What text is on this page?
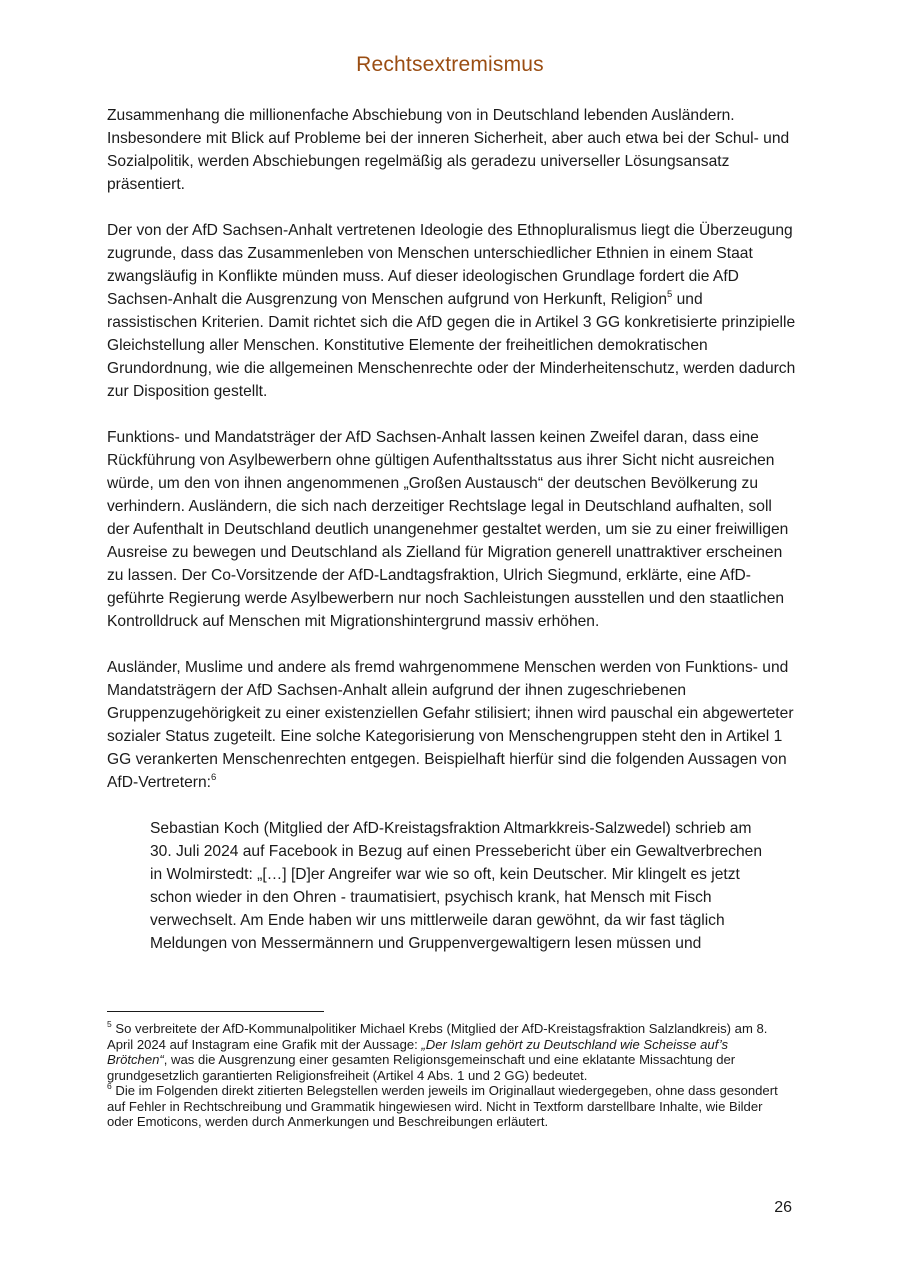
Rechtsextremismus

Zusammenhang die millionenfache Abschiebung von in Deutschland lebenden Ausländern. Insbesondere mit Blick auf Probleme bei der inneren Sicherheit, aber auch etwa bei der Schul- und Sozialpolitik, werden Abschiebungen regelmäßig als geradezu universeller Lösungsansatz präsentiert.

Der von der AfD Sachsen-Anhalt vertretenen Ideologie des Ethnopluralismus liegt die Überzeugung zugrunde, dass das Zusammenleben von Menschen unterschiedlicher Ethnien in einem Staat zwangsläufig in Konflikte münden muss. Auf dieser ideologischen Grundlage fordert die AfD Sachsen-Anhalt die Ausgrenzung von Menschen aufgrund von Herkunft, Religion$^5$ und rassistischen Kriterien. Damit richtet sich die AfD gegen die in Artikel 3 GG konkretisierte prinzipielle Gleichstellung aller Menschen. Konstitutive Elemente der freiheitlichen demokratischen Grundordnung, wie die allgemeinen Menschenrechte oder der Minderheitenschutz, werden dadurch zur Disposition gestellt.

Funktions- und Mandatsträger der AfD Sachsen-Anhalt lassen keinen Zweifel daran, dass eine Rückführung von Asylbewerbern ohne gültigen Aufenthaltsstatus aus ihrer Sicht nicht ausreichen würde, um den von ihnen angenommenen „Großen Austausch“ der deutschen Bevölkerung zu verhindern. Ausländern, die sich nach derzeitiger Rechtslage legal in Deutschland aufhalten, soll der Aufenthalt in Deutschland deutlich unangenehmer gestaltet werden, um sie zu einer freiwilligen Ausreise zu bewegen und Deutschland als Zielland für Migration generell unattraktiver erscheinen zu lassen. Der Co-Vorsitzende der AfD-Landtagsfraktion, Ulrich Siegmund, erklärte, eine AfD-geführte Regierung werde Asylbewerbern nur noch Sachleistungen ausstellen und den staatlichen Kontrolldruck auf Menschen mit Migrationshintergrund massiv erhöhen.

Ausländer, Muslime und andere als fremd wahrgenommene Menschen werden von Funktions- und Mandatsträgern der AfD Sachsen-Anhalt allein aufgrund der ihnen zugeschriebenen Gruppenzugehörigkeit zu einer existenziellen Gefahr stilisiert; ihnen wird pauschal ein abgewerteter sozialer Status zugeteilt. Eine solche Kategorisierung von Menschengruppen steht den in Artikel 1 GG verankerten Menschenrechten entgegen. Beispielhaft hierfür sind die folgenden Aussagen von AfD-Vertretern:$^6$

Sebastian Koch (Mitglied der AfD-Kreistagsfraktion Altmarkkreis-Salzwedel) schrieb am 30. Juli 2024 auf Facebook in Bezug auf einen Pressebericht über ein Gewaltverbrechen in Wolmirstedt: „[…] [D]er Angreifer war wie so oft, kein Deutscher. Mir klingelt es jetzt schon wieder in den Ohren - traumatisiert, psychisch krank, hat Mensch mit Fisch verwechselt. Am Ende haben wir uns mittlerweile daran gewöhnt, da wir fast täglich Meldungen von Messermännern und Gruppenvergewaltigern lesen müssen und

$^5$ So verbreitete der AfD-Kommunalpolitiker Michael Krebs (Mitglied der AfD-Kreistagsfraktion Salzlandkreis) am 8. April 2024 auf Instagram eine Grafik mit der Aussage: „Der Islam gehört zu Deutschland wie Scheisse auf’s Brötchen“, was die Ausgrenzung einer gesamten Religionsgemeinschaft und eine eklatante Missachtung der grundgesetzlich garantierten Religionsfreiheit (Artikel 4 Abs. 1 und 2 GG) bedeutet.

$^6$ Die im Folgenden direkt zitierten Belegstellen werden jeweils im Originallaut wiedergegeben, ohne dass gesondert auf Fehler in Rechtschreibung und Grammatik hingewiesen wird. Nicht in Textform darstellbare Inhalte, wie Bilder oder Emoticons, werden durch Anmerkungen und Beschreibungen erläutert.

26
